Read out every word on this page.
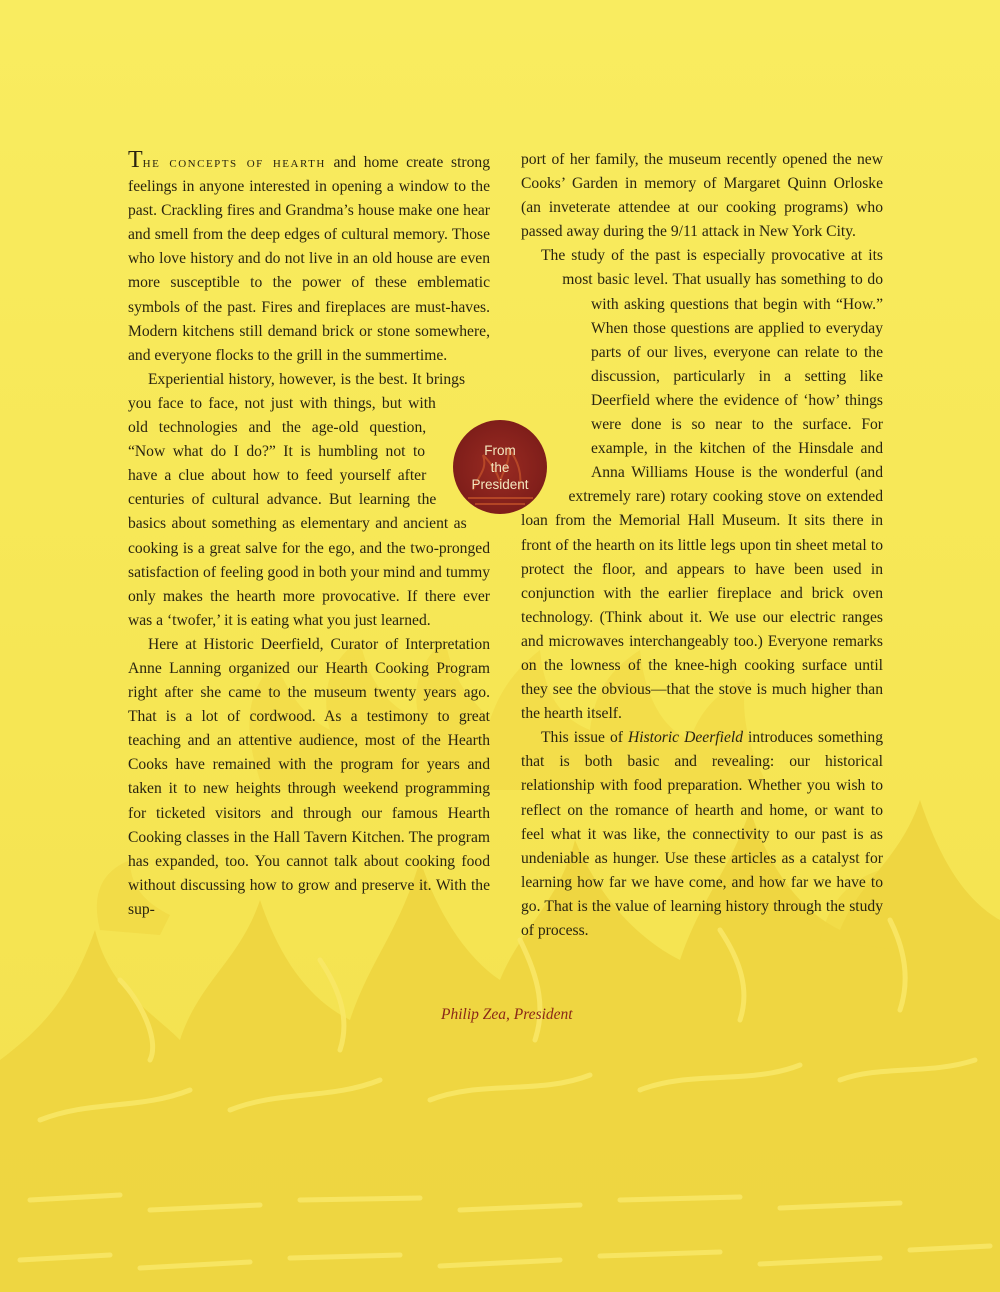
The concepts of hearth and home create strong feelings in anyone interested in opening a window to the past. Crackling fires and Grandma’s house make one hear and smell from the deep edges of cultural memory. Those who love history and do not live in an old house are even more susceptible to the power of these emblematic symbols of the past. Fires and fireplaces are must-haves. Modern kitchens still demand brick or stone somewhere, and everyone flocks to the grill in the summertime.

Experiential history, however, is the best. It brings you face to face, not just with things, but with old technologies and the age-old question, “Now what do I do?” It is humbling not to have a clue about how to feed yourself after centuries of cultural advance. But learning the basics about something as elementary and ancient as cooking is a great salve for the ego, and the two-pronged satisfaction of feeling good in both your mind and tummy only makes the hearth more provocative. If there ever was a ‘twofer,’ it is eating what you just learned.

Here at Historic Deerfield, Curator of Interpretation Anne Lanning organized our Hearth Cooking Program right after she came to the museum twenty years ago. That is a lot of cordwood. As a testimony to great teaching and an attentive audience, most of the Hearth Cooks have remained with the program for years and taken it to new heights through weekend programming for ticketed visitors and through our famous Hearth Cooking classes in the Hall Tavern Kitchen. The program has expanded, too. You cannot talk about cooking food without discussing how to grow and preserve it. With the sup-

port of her family, the museum recently opened the new Cooks’ Garden in memory of Margaret Quinn Orloske (an inveterate attendee at our cooking programs) who passed away during the 9/11 attack in New York City.

The study of the past is especially provocative at its most basic level. That usually has something to do with asking questions that begin with “How.” When those questions are applied to everyday parts of our lives, everyone can relate to the discussion, particularly in a setting like Deerfield where the evidence of ‘how’ things were done is so near to the surface. For example, in the kitchen of the Hinsdale and Anna Williams House is the wonderful (and extremely rare) rotary cooking stove on extended loan from the Memorial Hall Museum. It sits there in front of the hearth on its little legs upon tin sheet metal to protect the floor, and appears to have been used in conjunction with the earlier fireplace and brick oven technology. (Think about it. We use our electric ranges and microwaves interchangeably too.) Everyone remarks on the lowness of the knee-high cooking surface until they see the obvious—that the stove is much higher than the hearth itself.

This issue of Historic Deerfield introduces something that is both basic and revealing: our historical relationship with food preparation. Whether you wish to reflect on the romance of hearth and home, or want to feel what it was like, the connectivity to our past is as undeniable as hunger. Use these articles as a catalyst for learning how far we have come, and how far we have to go. That is the value of learning history through the study of process.

From
the
President
Philip Zea, President
